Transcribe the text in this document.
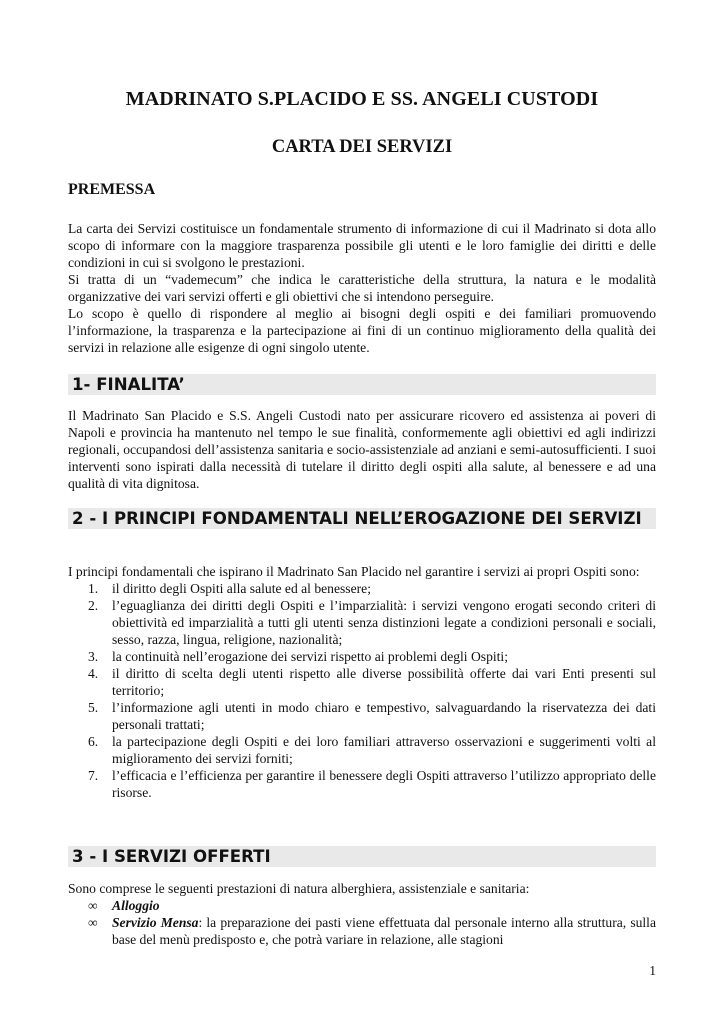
MADRINATO S.PLACIDO E SS. ANGELI CUSTODI
CARTA DEI SERVIZI
PREMESSA

La carta dei Servizi costituisce un fondamentale strumento di informazione di cui il Madrinato si dota allo scopo di informare con la maggiore trasparenza possibile gli utenti e le loro famiglie dei diritti e delle condizioni in cui si svolgono le prestazioni.

Si tratta di un “vademecum” che indica le caratteristiche della struttura, la natura e le modalità organizzative dei vari servizi offerti e gli obiettivi che si intendono perseguire.

Lo scopo è quello di rispondere al meglio ai bisogni degli ospiti e dei familiari promuovendo l’informazione, la trasparenza e la partecipazione ai fini di un continuo miglioramento della qualità dei servizi in relazione alle esigenze di ogni singolo utente.

1- FINALITA’

Il Madrinato San Placido e S.S. Angeli Custodi nato per assicurare ricovero ed assistenza ai poveri di Napoli e provincia ha mantenuto nel tempo le sue finalità, conformemente agli obiettivi ed agli indirizzi regionali, occupandosi dell’assistenza sanitaria e socio-assistenziale ad anziani e semi-autosufficienti. I suoi interventi sono ispirati dalla necessità di tutelare il diritto degli ospiti alla salute, al benessere e ad una qualità di vita dignitosa.

2 - I PRINCIPI FONDAMENTALI NELL’EROGAZIONE DEI SERVIZI

I principi fondamentali che ispirano il Madrinato San Placido nel garantire i servizi ai propri Ospiti sono:

1. il diritto degli Ospiti alla salute ed al benessere;
2. l’eguaglianza dei diritti degli Ospiti e l’imparzialità: i servizi vengono erogati secondo criteri di obiettività ed imparzialità a tutti gli utenti senza distinzioni legate a condizioni personali e sociali, sesso, razza, lingua, religione, nazionalità;
3. la continuità nell’erogazione dei servizi rispetto ai problemi degli Ospiti;
4. il diritto di scelta degli utenti rispetto alle diverse possibilità offerte dai vari Enti presenti sul territorio;
5. l’informazione agli utenti in modo chiaro e tempestivo, salvaguardando la riservatezza dei dati personali trattati;
6. la partecipazione degli Ospiti e dei loro familiari attraverso osservazioni e suggerimenti volti al miglioramento dei servizi forniti;
7. l’efficacia e l’efficienza per garantire il benessere degli Ospiti attraverso l’utilizzo appropriato delle risorse.
3 - I SERVIZI OFFERTI

Sono comprese le seguenti prestazioni di natura alberghiera, assistenziale e sanitaria:

∞ Alloggio
∞ Servizio Mensa: la preparazione dei pasti viene effettuata dal personale interno alla struttura, sulla base del menù predisposto e, che potrà variare in relazione, alle stagioni
1
